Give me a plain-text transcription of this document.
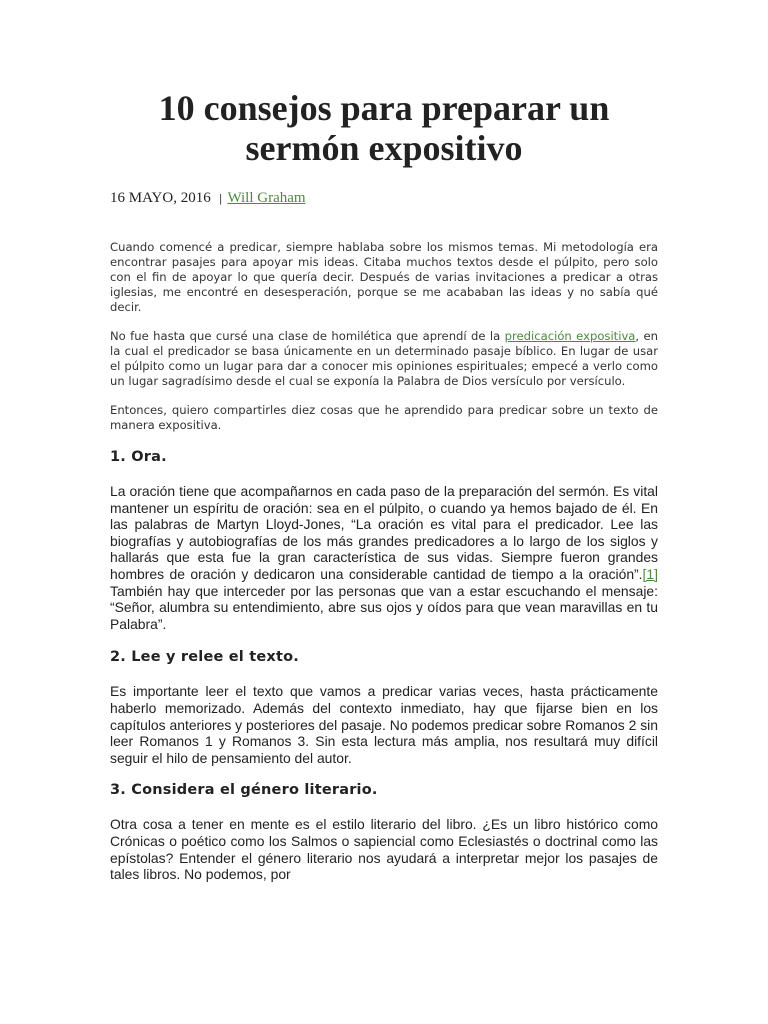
10 consejos para preparar un sermón expositivo
16 MAYO, 2016 | Will Graham

Cuando comencé a predicar, siempre hablaba sobre los mismos temas. Mi metodología era encontrar pasajes para apoyar mis ideas. Citaba muchos textos desde el púlpito, pero solo con el fin de apoyar lo que quería decir. Después de varias invitaciones a predicar a otras iglesias, me encontré en desesperación, porque se me acababan las ideas y no sabía qué decir.

No fue hasta que cursé una clase de homilética que aprendí de la predicación expositiva, en la cual el predicador se basa únicamente en un determinado pasaje bíblico. En lugar de usar el púlpito como un lugar para dar a conocer mis opiniones espirituales; empecé a verlo como un lugar sagradísimo desde el cual se exponía la Palabra de Dios versículo por versículo.

Entonces, quiero compartirles diez cosas que he aprendido para predicar sobre un texto de manera expositiva.

1. Ora.

La oración tiene que acompañarnos en cada paso de la preparación del sermón. Es vital mantener un espíritu de oración: sea en el púlpito, o cuando ya hemos bajado de él. En las palabras de Martyn Lloyd-Jones, “La oración es vital para el predicador. Lee las biografías y autobiografías de los más grandes predicadores a lo largo de los siglos y hallarás que esta fue la gran característica de sus vidas. Siempre fueron grandes hombres de oración y dedicaron una considerable cantidad de tiempo a la oración”.[1] También hay que interceder por las personas que van a estar escuchando el mensaje: “Señor, alumbra su entendimiento, abre sus ojos y oídos para que vean maravillas en tu Palabra”.

2. Lee y relee el texto.

Es importante leer el texto que vamos a predicar varias veces, hasta prácticamente haberlo memorizado. Además del contexto inmediato, hay que fijarse bien en los capítulos anteriores y posteriores del pasaje. No podemos predicar sobre Romanos 2 sin leer Romanos 1 y Romanos 3. Sin esta lectura más amplia, nos resultará muy difícil seguir el hilo de pensamiento del autor.

3. Considera el género literario.

Otra cosa a tener en mente es el estilo literario del libro. ¿Es un libro histórico como Crónicas o poético como los Salmos o sapiencial como Eclesiastés o doctrinal como las epístolas? Entender el género literario nos ayudará a interpretar mejor los pasajes de tales libros. No podemos, por
